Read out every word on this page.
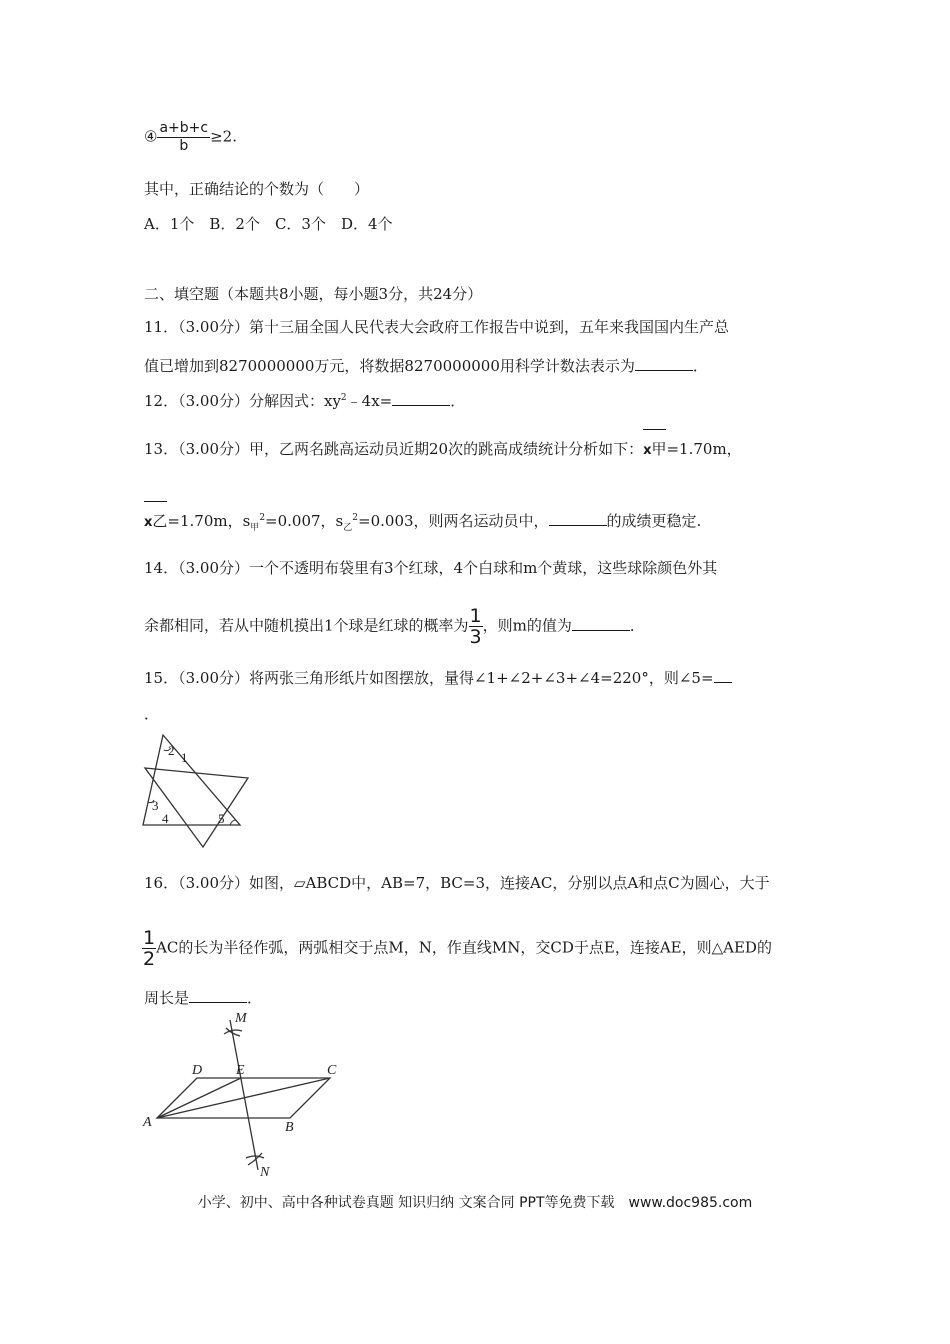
④ $\frac{a+b+c}{b} \ge 2$.
其中，正确结论的个数为（　　）
A．1个　B．2个　C．3个　D．4个
二、填空题（本题共8小题，每小题3分，共24分）
11．（3.00分）第十三届全国人民代表大会政府工作报告中说到，五年来我国国内生产总
值已增加到8270000000万元，将数据8270000000用科学计数法表示为	．
12．（3.00分）分解因式：$xy^2﹣4x=$	．
13．（3.00分）甲，乙两名跳高运动员近期20次的跳高成绩统计分析如下：
x甲=1.70m，
x乙=1.70m，$s_甲^2=0.007$，$s_乙^2=0.003$，则两名运动员中，	的成绩更稳定.
14．（3.00分）一个不透明布袋里有3个红球，4个白球和m个黄球，这些球除颜色外其
余都相同，若从中随机摸出1个球是红球的概率为 $\frac{1}{3}$ ，则m的值为	．
15．（3.00分）将两张三角形纸片如图摆放，量得∠1+∠2+∠3+∠4=220°，则∠5=
．
2 1
3
4	5
16．（3.00分）如图，▱ABCD中，AB=7，BC=3，连接AC，分别以点A和点C为圆心，大于
$\frac{1}{2}$ AC的长为半径作弧，两弧相交于点M，N，作直线MN，交CD于点E，连接AE，则△AED的
周长是	．
M
D E	C
A	B
N
小学、初中、高中各种试卷真题 知识归纳 文案合同 PPT等免费下载　www.doc985.com
